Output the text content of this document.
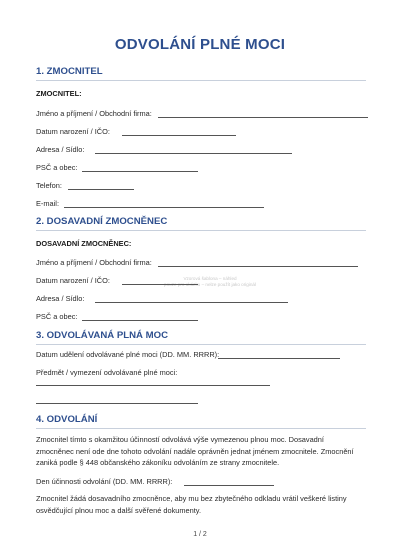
Vzorová šablona – náhled
pouze pro ukázku – nelze použít jako originál
ODVOLÁNÍ PLNÉ MOCI
1. ZMOCNITEL
ZMOCNITEL:
Jméno a příjmení / Obchodní firma:
Datum narození / IČO:
Adresa / Sídlo:
PSČ a obec:
Telefon:
E-mail:
2. DOSAVADNÍ ZMOCNĚNEC
DOSAVADNÍ ZMOCNĚNEC:
Jméno a příjmení / Obchodní firma:
Datum narození / IČO:
Adresa / Sídlo:
PSČ a obec:
3. ODVOLÁVANÁ PLNÁ MOC
Datum udělení odvolávané plné moci (DD. MM. RRRR):
Předmět / vymezení odvolávané plné moci:
4. ODVOLÁNÍ
Zmocnitel tímto s okamžitou účinností odvolává výše vymezenou plnou moc. Dosavadní
zmocněnec není ode dne tohoto odvolání nadále oprávněn jednat jménem zmocnitele. Zmocnění
zaniká podle § 448 občanského zákoníku odvoláním ze strany zmocnitele.
Den účinnosti odvolání (DD. MM. RRRR):
Zmocnitel žádá dosavadního zmocněnce, aby mu bez zbytečného odkladu vrátil veškeré listiny
osvědčující plnou moc a další svěřené dokumenty.
1 / 2
